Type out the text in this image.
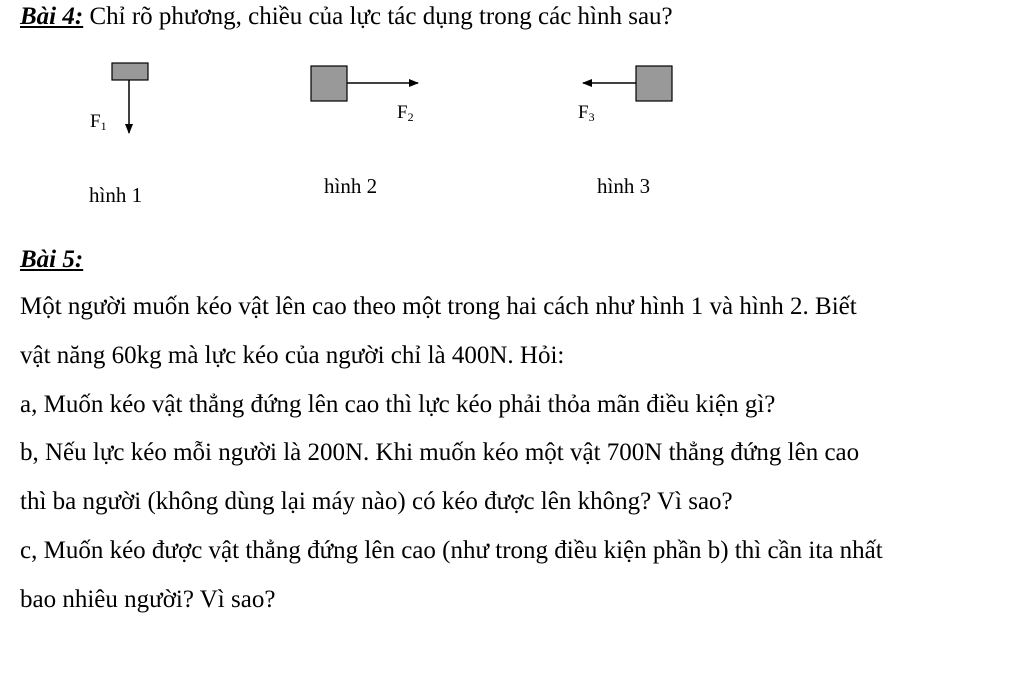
Bài 4: Chỉ rõ phương, chiều của lực tác dụng trong các hình sau?
$F_1$
$F_2$	$F_3$
hình 1	hình 2	hình 3
Bài 5:
Một người muốn kéo vật lên cao theo một trong hai cách như hình 1 và hình 2. Biết
vật năng 60kg mà lực kéo của người chỉ là 400N. Hỏi:
a, Muốn kéo vật thẳng đứng lên cao thì lực kéo phải thỏa mãn điều kiện gì?
b, Nếu lực kéo mỗi người là 200N. Khi muốn kéo một vật 700N thẳng đứng lên cao
thì ba người (không dùng lại máy nào) có kéo được lên không? Vì sao?
c, Muốn kéo được vật thẳng đứng lên cao (như trong điều kiện phần b) thì cần ita nhất
bao nhiêu người? Vì sao?
